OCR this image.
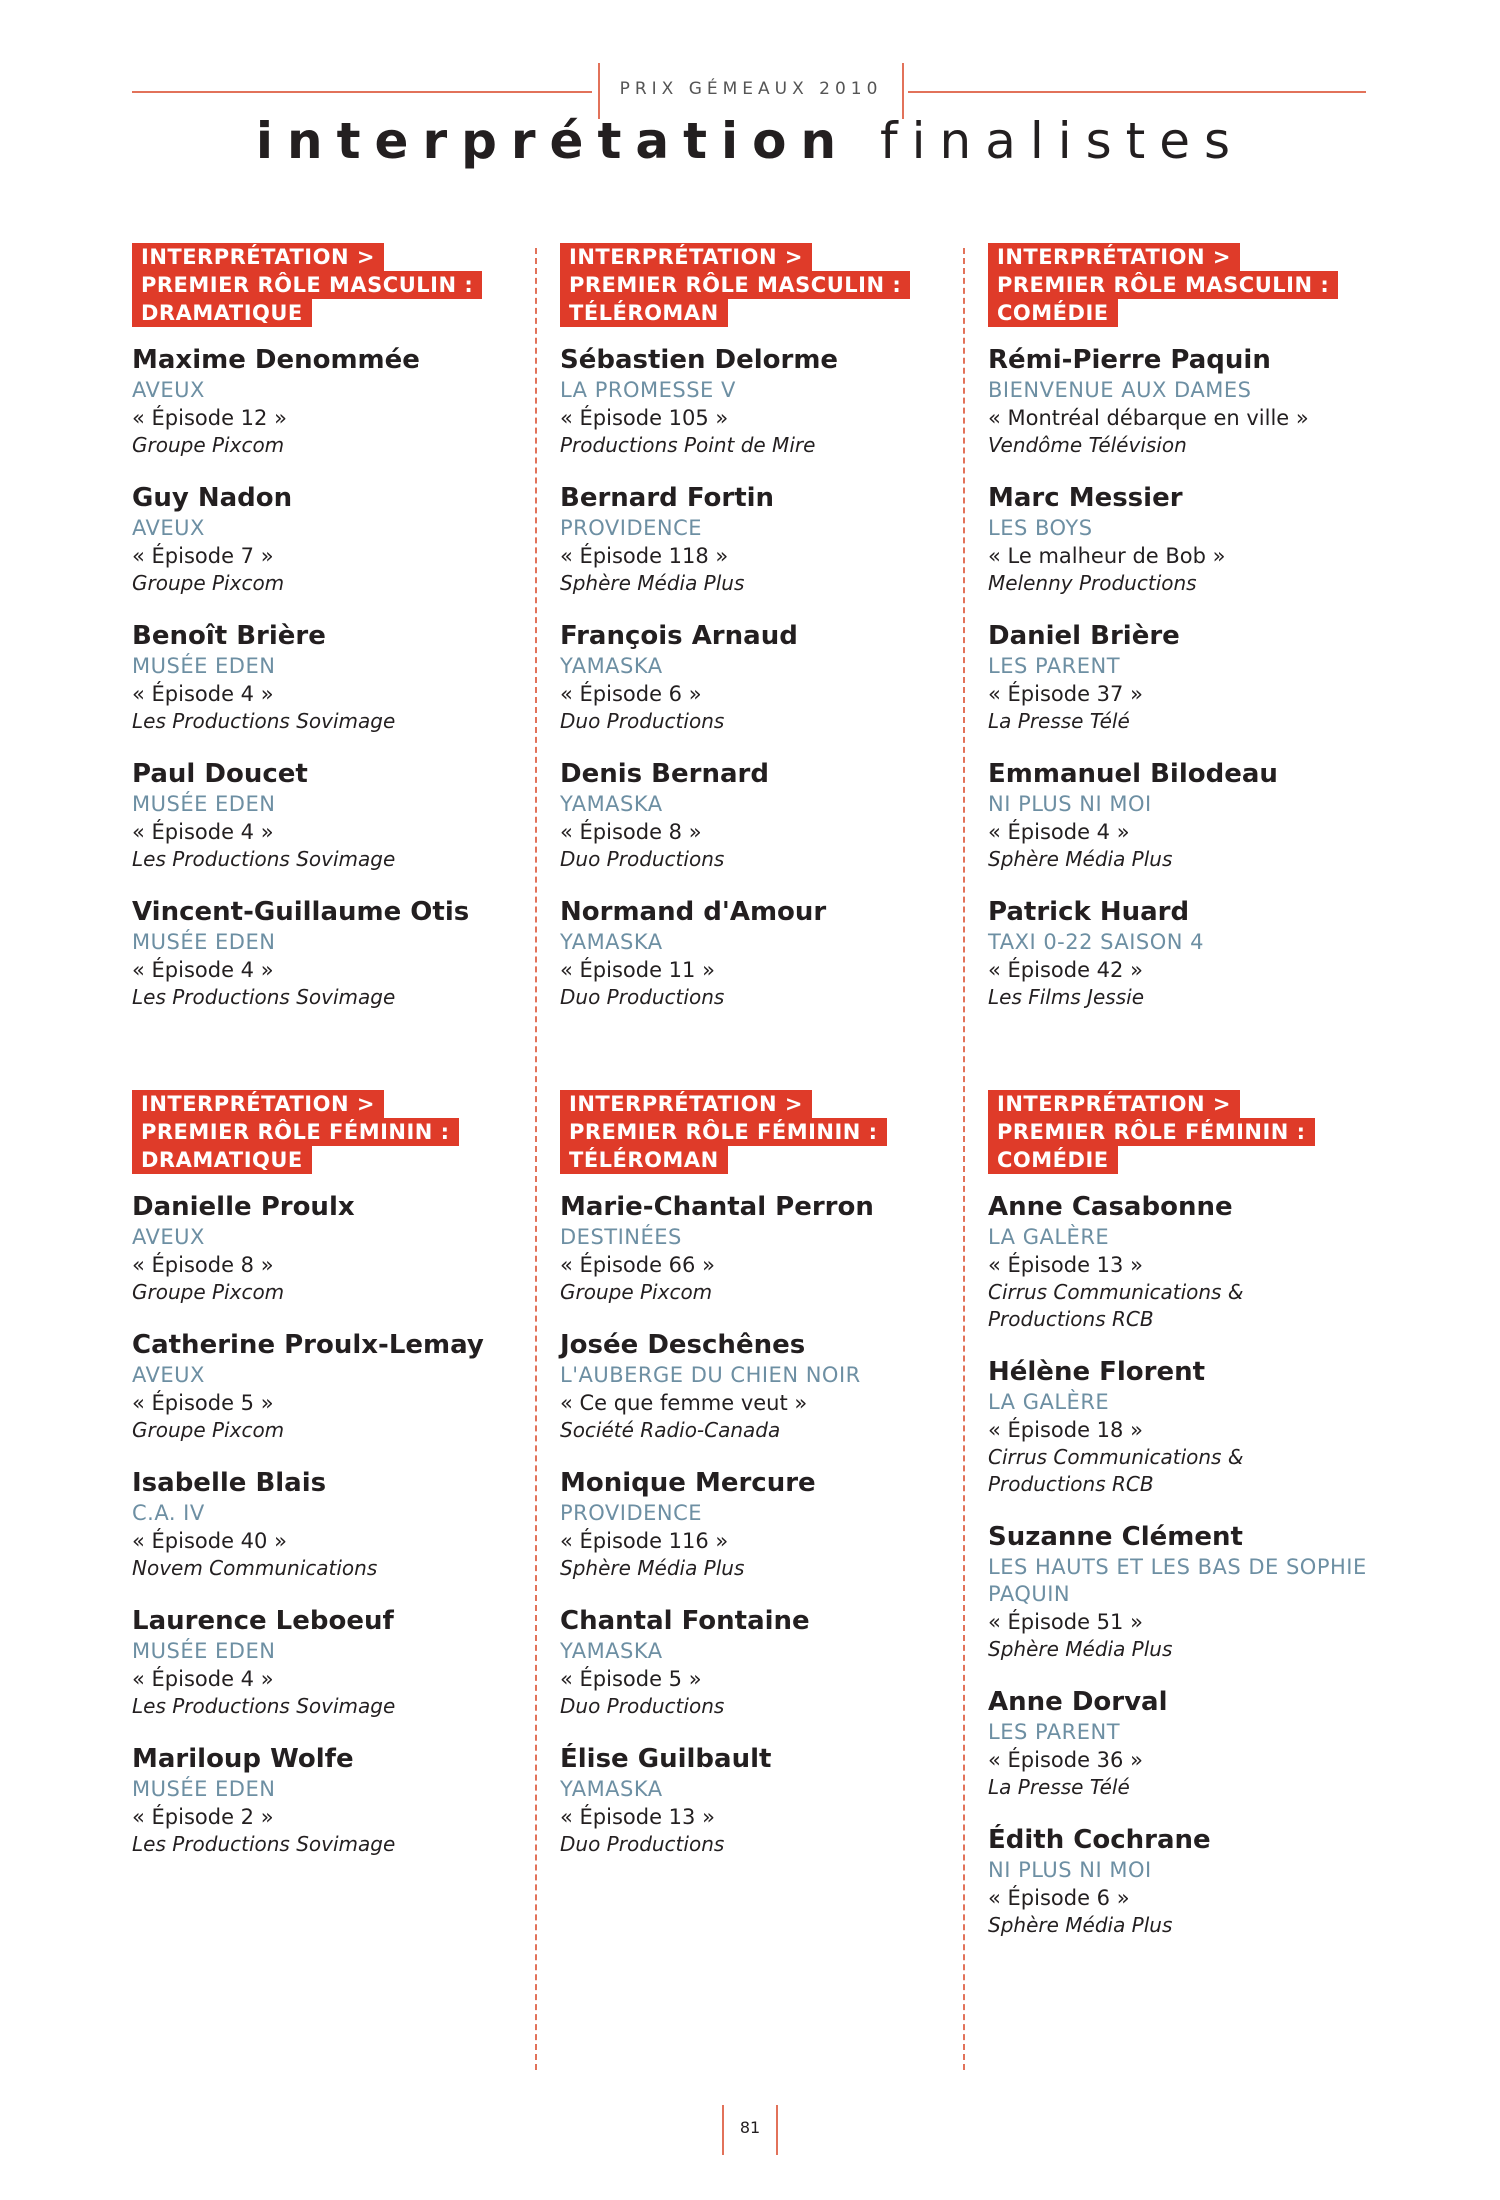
PRIX GÉMEAUX 2010
interprétation finalistes
INTERPRÉTATION >
PREMIER RÔLE MASCULIN :
DRAMATIQUE
Maxime Denommée
AVEUX
« Épisode 12 »
Groupe Pixcom
Guy Nadon
AVEUX
« Épisode 7 »
Groupe Pixcom
Benoît Brière
MUSÉE EDEN
« Épisode 4 »
Les Productions Sovimage
Paul Doucet
MUSÉE EDEN
« Épisode 4 »
Les Productions Sovimage
Vincent-Guillaume Otis
MUSÉE EDEN
« Épisode 4 »
Les Productions Sovimage
INTERPRÉTATION >
PREMIER RÔLE MASCULIN :
TÉLÉROMAN
Sébastien Delorme
LA PROMESSE V
« Épisode 105 »
Productions Point de Mire
Bernard Fortin
PROVIDENCE
« Épisode 118 »
Sphère Média Plus
François Arnaud
YAMASKA
« Épisode 6 »
Duo Productions
Denis Bernard
YAMASKA
« Épisode 8 »
Duo Productions
Normand d'Amour
YAMASKA
« Épisode 11 »
Duo Productions
INTERPRÉTATION >
PREMIER RÔLE MASCULIN :
COMÉDIE
Rémi-Pierre Paquin
BIENVENUE AUX DAMES
« Montréal débarque en ville »
Vendôme Télévision
Marc Messier
LES BOYS
« Le malheur de Bob »
Melenny Productions
Daniel Brière
LES PARENT
« Épisode 37 »
La Presse Télé
Emmanuel Bilodeau
NI PLUS NI MOI
« Épisode 4 »
Sphère Média Plus
Patrick Huard
TAXI 0-22 SAISON 4
« Épisode 42 »
Les Films Jessie
INTERPRÉTATION >
PREMIER RÔLE FÉMININ :
DRAMATIQUE
Danielle Proulx
AVEUX
« Épisode 8 »
Groupe Pixcom
Catherine Proulx-Lemay
AVEUX
« Épisode 5 »
Groupe Pixcom
Isabelle Blais
C.A. IV
« Épisode 40 »
Novem Communications
Laurence Leboeuf
MUSÉE EDEN
« Épisode 4 »
Les Productions Sovimage
Mariloup Wolfe
MUSÉE EDEN
« Épisode 2 »
Les Productions Sovimage
INTERPRÉTATION >
PREMIER RÔLE FÉMININ :
TÉLÉROMAN
Marie-Chantal Perron
DESTINÉES
« Épisode 66 »
Groupe Pixcom
Josée Deschênes
L'AUBERGE DU CHIEN NOIR
« Ce que femme veut »
Société Radio-Canada
Monique Mercure
PROVIDENCE
« Épisode 116 »
Sphère Média Plus
Chantal Fontaine
YAMASKA
« Épisode 5 »
Duo Productions
Élise Guilbault
YAMASKA
« Épisode 13 »
Duo Productions
INTERPRÉTATION >
PREMIER RÔLE FÉMININ :
COMÉDIE
Anne Casabonne
LA GALÈRE
« Épisode 13 »
Cirrus Communications &
Productions RCB
Hélène Florent
LA GALÈRE
« Épisode 18 »
Cirrus Communications &
Productions RCB
Suzanne Clément
LES HAUTS ET LES BAS DE SOPHIE PAQUIN
« Épisode 51 »
Sphère Média Plus
Anne Dorval
LES PARENT
« Épisode 36 »
La Presse Télé
Édith Cochrane
NI PLUS NI MOI
« Épisode 6 »
Sphère Média Plus
81
